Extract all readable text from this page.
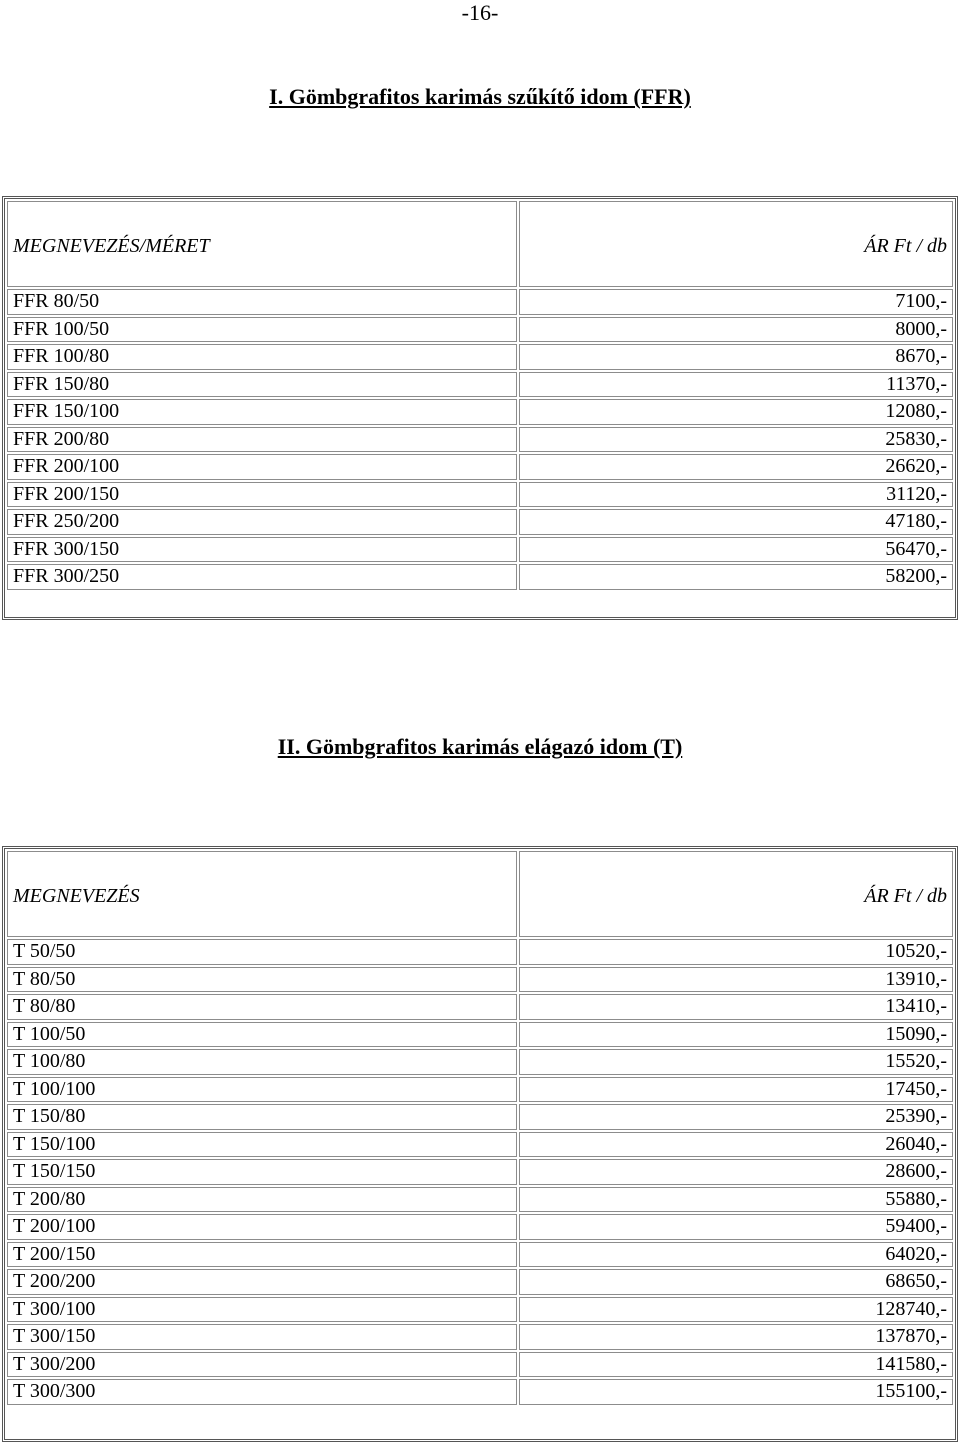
-16-
I. Gömbgrafitos karimás szűkítő idom (FFR)
MEGNEVEZÉS/MÉRET	ÁR Ft / db
FFR 80/50	7100,-
FFR 100/50	8000,-
FFR 100/80	8670,-
FFR 150/80	11370,-
FFR 150/100	12080,-
FFR 200/80	25830,-
FFR 200/100	26620,-
FFR 200/150	31120,-
FFR 250/200	47180,-
FFR 300/150	56470,-
FFR 300/250	58200,-
II. Gömbgrafitos karimás elágazó idom (T)
MEGNEVEZÉS	ÁR Ft / db
T 50/50	10520,-
T 80/50	13910,-
T 80/80	13410,-
T 100/50	15090,-
T 100/80	15520,-
T 100/100	17450,-
T 150/80	25390,-
T 150/100	26040,-
T 150/150	28600,-
T 200/80	55880,-
T 200/100	59400,-
T 200/150	64020,-
T 200/200	68650,-
T 300/100	128740,-
T 300/150	137870,-
T 300/200	141580,-
T 300/300	155100,-
